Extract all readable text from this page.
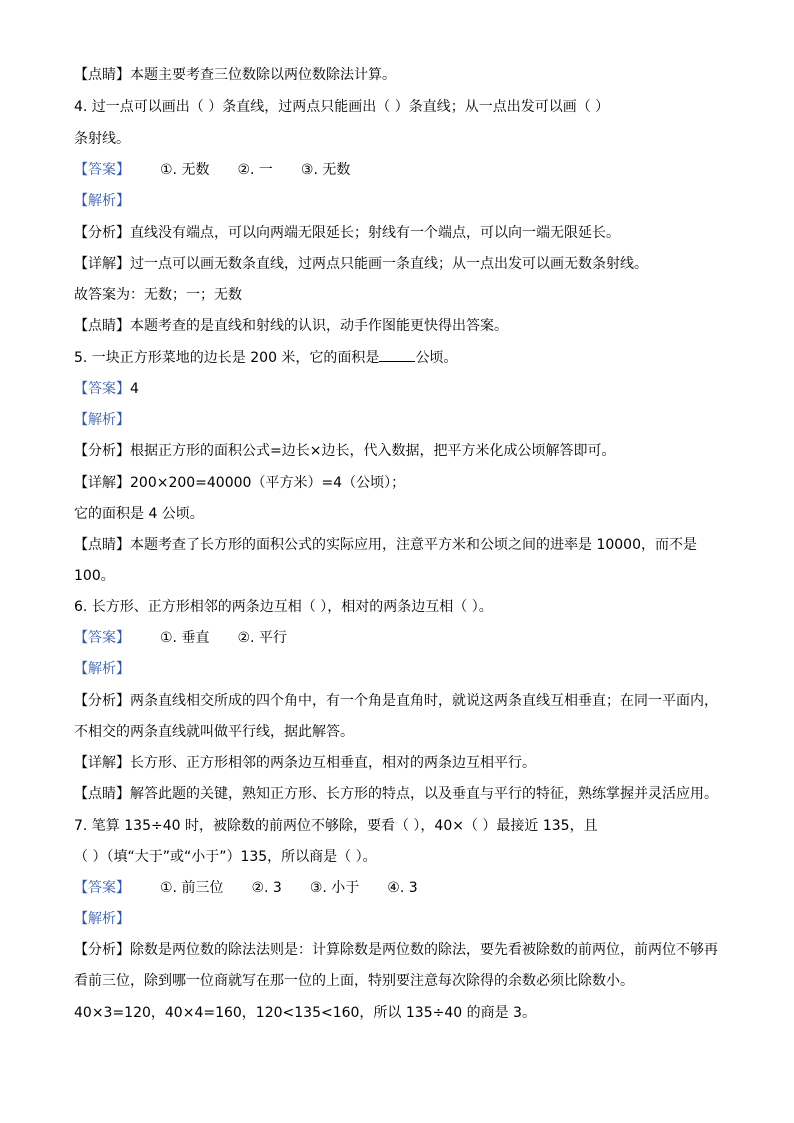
【点睛】本题主要考查三位数除以两位数除法计算。
4. 过一点可以画出（ ）条直线，过两点只能画出（ ）条直线；从一点出发可以画（ ）
条射线。
【答案】 ①. 无数 ②. 一 ③. 无数
【解析】
【分析】直线没有端点，可以向两端无限延长；射线有一个端点，可以向一端无限延长。
【详解】过一点可以画无数条直线，过两点只能画一条直线；从一点出发可以画无数条射线。
故答案为：无数；一；无数
【点睛】本题考查的是直线和射线的认识，动手作图能更快得出答案。
5. 一块正方形菜地的边长是 200 米，它的面积是	公顷。
【答案】4
【解析】
【分析】根据正方形的面积公式=边长×边长，代入数据，把平方米化成公顷解答即可。
【详解】200×200=40000（平方米）=4（公顷）；
它的面积是 4 公顷。
【点睛】本题考查了长方形的面积公式的实际应用，注意平方米和公顷之间的进率是 10000，而不是
100。
6. 长方形、正方形相邻的两条边互相（ ），相对的两条边互相（ ）。
【答案】 ①. 垂直 ②. 平行
【解析】
【分析】两条直线相交所成的四个角中，有一个角是直角时，就说这两条直线互相垂直；在同一平面内，
不相交的两条直线就叫做平行线，据此解答。
【详解】长方形、正方形相邻的两条边互相垂直，相对的两条边互相平行。
【点睛】解答此题的关键，熟知正方形、长方形的特点，以及垂直与平行的特征，熟练掌握并灵活应用。
7. 笔算 135÷40 时，被除数的前两位不够除，要看（ ），40×（ ）最接近 135，且
（ ）（填“大于”或“小于”）135，所以商是（ ）。
【答案】 ①. 前三位 ②. 3 ③. 小于 ④. 3
【解析】
【分析】除数是两位数的除法法则是：计算除数是两位数的除法，要先看被除数的前两位，前两位不够再
看前三位，除到哪一位商就写在那一位的上面，特别要注意每次除得的余数必须比除数小。
40×3=120，40×4=160，120<135<160，所以 135÷40 的商是 3。
